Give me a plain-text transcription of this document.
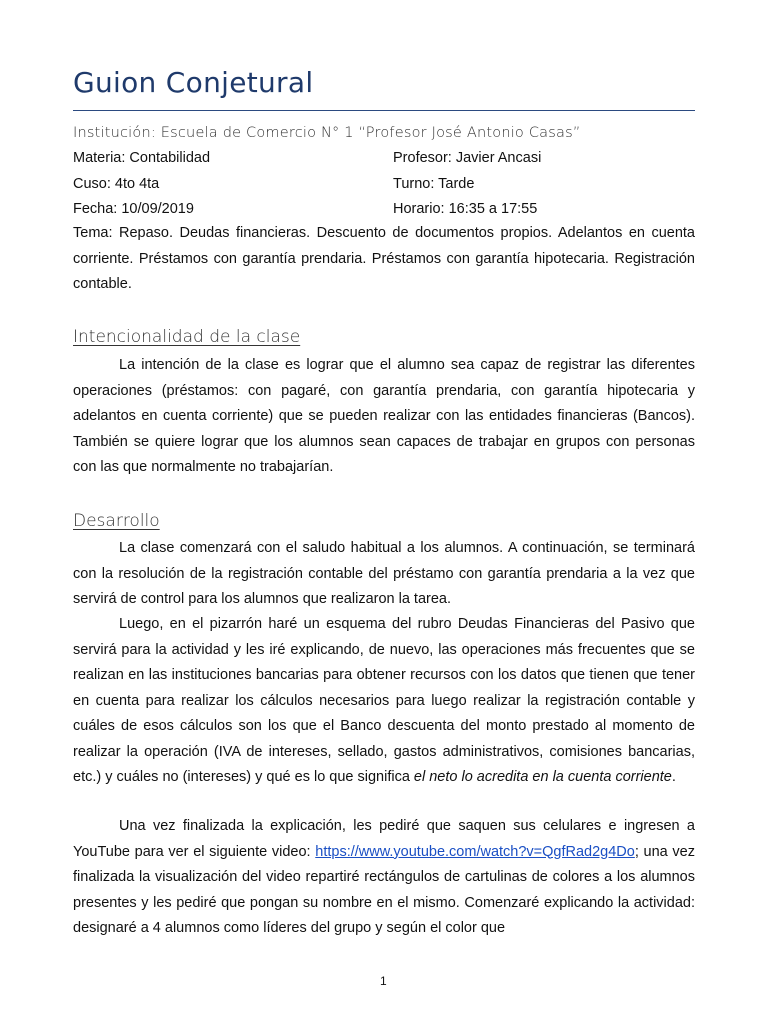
Guion Conjetural
Institución: Escuela de Comercio N° 1 “Profesor José Antonio Casas”
Materia: Contabilidad	Profesor: Javier Ancasi
Cuso: 4to 4ta	Turno: Tarde
Fecha: 10/09/2019	Horario: 16:35 a 17:55

Tema: Repaso. Deudas financieras. Descuento de documentos propios. Adelantos en cuenta corriente. Préstamos con garantía prendaria. Préstamos con garantía hipotecaria. Registración contable.

Intencionalidad de la clase

La intención de la clase es lograr que el alumno sea capaz de registrar las diferentes operaciones (préstamos: con pagaré, con garantía prendaria, con garantía hipotecaria y adelantos en cuenta corriente) que se pueden realizar con las entidades financieras (Bancos). También se quiere lograr que los alumnos sean capaces de trabajar en grupos con personas con las que normalmente no trabajarían.

Desarrollo

La clase comenzará con el saludo habitual a los alumnos. A continuación, se terminará con la resolución de la registración contable del préstamo con garantía prendaria a la vez que servirá de control para los alumnos que realizaron la tarea.

Luego, en el pizarrón haré un esquema del rubro Deudas Financieras del Pasivo que servirá para la actividad y les iré explicando, de nuevo, las operaciones más frecuentes que se realizan en las instituciones bancarias para obtener recursos con los datos que tienen que tener en cuenta para realizar los cálculos necesarios para luego realizar la registración contable y cuáles de esos cálculos son los que el Banco descuenta del monto prestado al momento de realizar la operación (IVA de intereses, sellado, gastos administrativos, comisiones bancarias, etc.) y cuáles no (intereses) y qué es lo que significa el neto lo acredita en la cuenta corriente.

Una vez finalizada la explicación, les pediré que saquen sus celulares e ingresen a YouTube para ver el siguiente video: https://www.youtube.com/watch?v=QgfRad2g4Do; una vez finalizada la visualización del video repartiré rectángulos de cartulinas de colores a los alumnos presentes y les pediré que pongan su nombre en el mismo. Comenzaré explicando la actividad: designaré a 4 alumnos como líderes del grupo y según el color que

1
